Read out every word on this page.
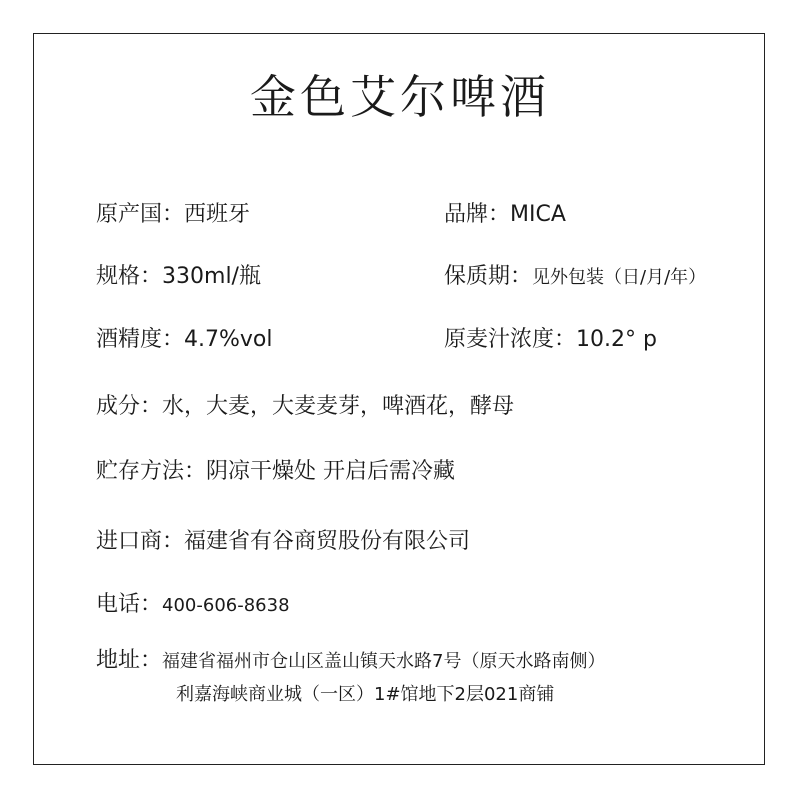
金色艾尔啤酒
原产国：西班牙	品牌：MICA
规格：330ml/瓶	保质期：见外包装（日/月/年）
酒精度：4.7%vol	原麦汁浓度：10.2° p
成分：水，大麦，大麦麦芽，啤酒花，酵母
贮存方法：阴凉干燥处 开启后需冷藏
进口商：福建省有谷商贸股份有限公司
电话：400-606-8638
地址：福建省福州市仓山区盖山镇天水路7号（原天水路南侧）
利嘉海峡商业城（一区）1#馆地下2层021商铺
